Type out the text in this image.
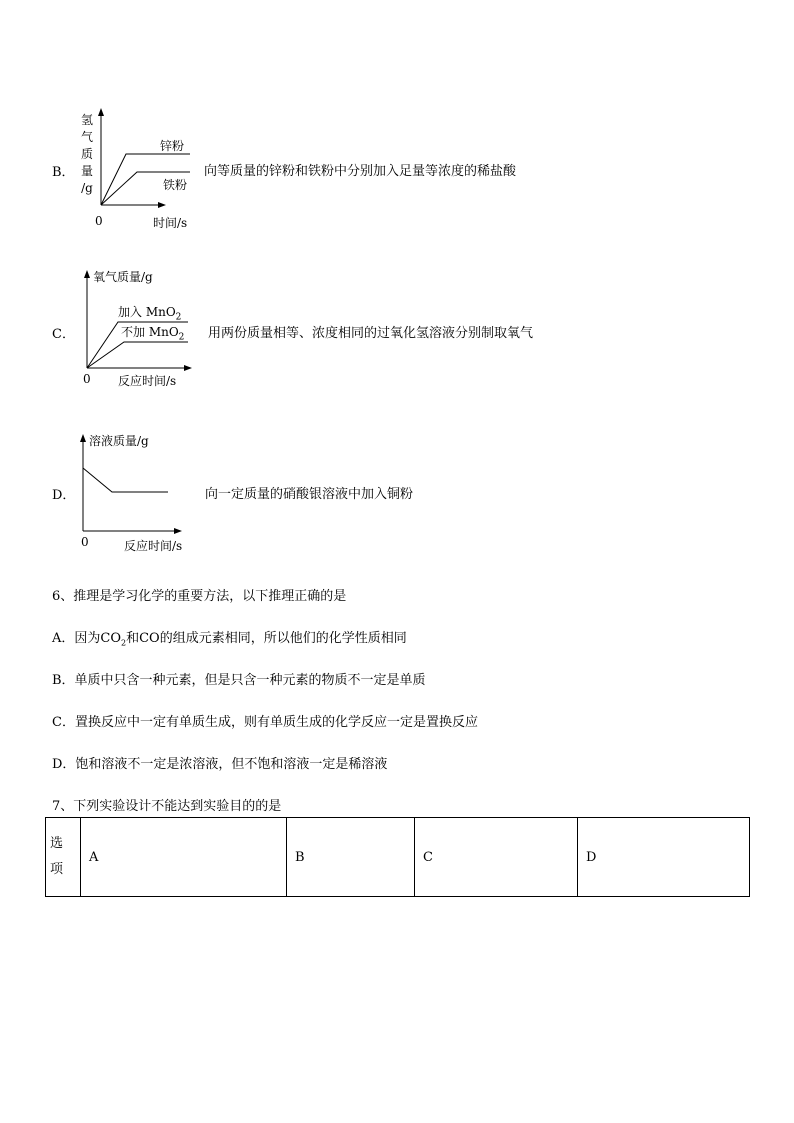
B．
氢
气
质
量
/g
锌粉
铁粉
0	时间/s
向等质量的锌粉和铁粉中分别加入足量等浓度的稀盐酸
C．
氧气质量/g
加入 MnO$_2$
不加 MnO$_2$
0 反应时间/s
用两份质量相等、浓度相同的过氧化氢溶液分别制取氧气
D．
溶液质量/g
0	反应时间/s
向一定质量的硝酸银溶液中加入铜粉
6、推理是学习化学的重要方法，以下推理正确的是
A．因为$CO_2$和CO的组成元素相同，所以他们的化学性质相同
B．单质中只含一种元素，但是只含一种元素的物质不一定是单质
C．置换反应中一定有单质生成，则有单质生成的化学反应一定是置换反应
D．饱和溶液不一定是浓溶液，但不饱和溶液一定是稀溶液
7、下列实验设计不能达到实验目的的是
选
项
	A	B	C	D
